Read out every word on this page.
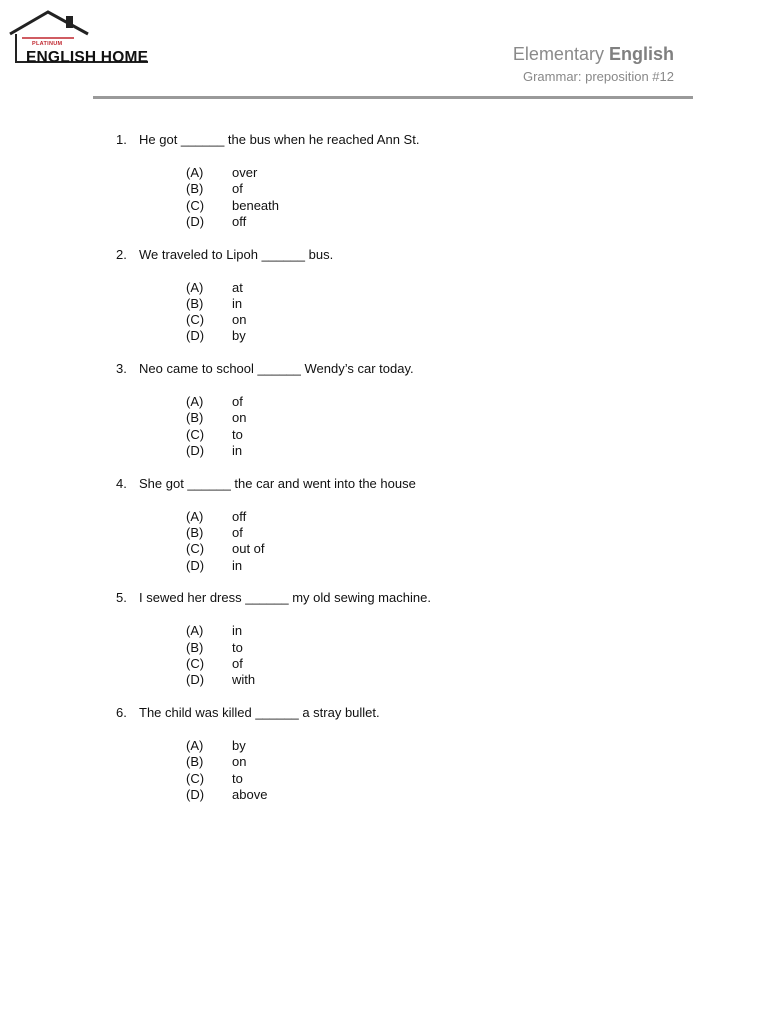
PLATINUM
ENGLISH HOME	Elementary English
Grammar: preposition #12
1. He got ______ the bus when he reached Ann St.
(A) over
(B) of
(C) beneath
(D) off
2. We traveled to Lipoh ______ bus.
(A) at
(B) in
(C) on
(D) by
3. Neo came to school ______ Wendy’s car today.
(A) of
(B) on
(C) to
(D) in
4. She got ______ the car and went into the house
(A) off
(B) of
(C) out of
(D) in
5. I sewed her dress ______ my old sewing machine.
(A) in
(B) to
(C) of
(D) with
6. The child was killed ______ a stray bullet.
(A) by
(B) on
(C) to
(D) above
